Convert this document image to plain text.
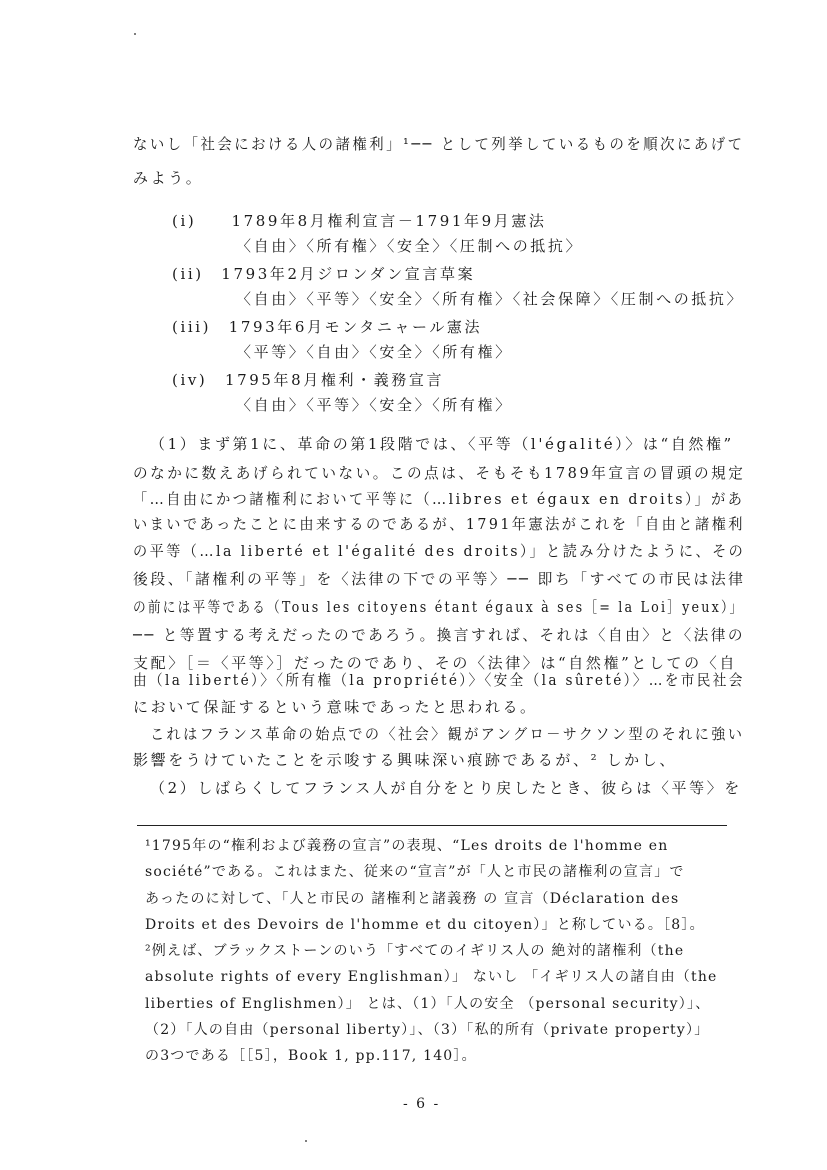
ないし「社会における人の諸権利」¹── として列挙しているものを順次にあげて
みよう。
(i)　　1789年8月権利宣言－1791年9月憲法
〈自由〉〈所有権〉〈安全〉〈圧制への抵抗〉
(ii)　1793年2月ジロンダン宣言草案
〈自由〉〈平等〉〈安全〉〈所有権〉〈社会保障〉〈圧制への抵抗〉
(iii)　1793年6月モンタニャール憲法
〈平等〉〈自由〉〈安全〉〈所有権〉
(iv)　1795年8月権利・義務宣言
〈自由〉〈平等〉〈安全〉〈所有権〉
（1）まず第1に、革命の第1段階では、〈平等（l'égalité）〉は“自然権”
のなかに数えあげられていない。この点は、そもそも1789年宣言の冒頭の規定
「…自由にかつ諸権利において平等に（…libres et égaux en droits）」があ
いまいであったことに由来するのであるが、1791年憲法がこれを「自由と諸権利
の平等（…la liberté et l'égalité des droits）」と読み分けたように、その
後段、「諸権利の平等」を〈法律の下での平等〉── 即ち「すべての市民は法律
の前には平等である（Tous les citoyens étant égaux à ses［= la Loi］yeux）」
── と等置する考えだったのであろう。換言すれば、それは〈自由〉と〈法律の
支配〉［＝〈平等〉］だったのであり、その〈法律〉は“自然権”としての〈自
由（la liberté）〉〈所有権（la propriété）〉〈安全（la sûreté）〉…を市民社会
において保証するという意味であったと思われる。
これはフランス革命の始点での〈社会〉観がアングロ－サクソン型のそれに強い
影響をうけていたことを示唆する興味深い痕跡であるが、² しかし、
（2）しばらくしてフランス人が自分をとり戻したとき、彼らは〈平等〉を
¹1795年の“権利および義務の宣言”の表現、“Les droits de l'homme en
société”である。これはまた、従来の“宣言”が「人と市民の諸権利の宣言」で
あったのに対して、「人と市民の 諸権利と諸義務 の 宣言（Déclaration des
Droits et des Devoirs de l'homme et du citoyen）」と称している。［8］。
²例えば、ブラックストーンのいう「すべてのイギリス人の 絶対的諸権利（the
absolute rights of every Englishman）」 ないし 「イギリス人の諸自由（the
liberties of Englishmen）」 とは、（1）「人の安全 （personal security）」、
（2）「人の自由（personal liberty）」、（3）「私的所有（private property）」
の3つである［［5］，Book 1, pp.117, 140］。
- 6 -
